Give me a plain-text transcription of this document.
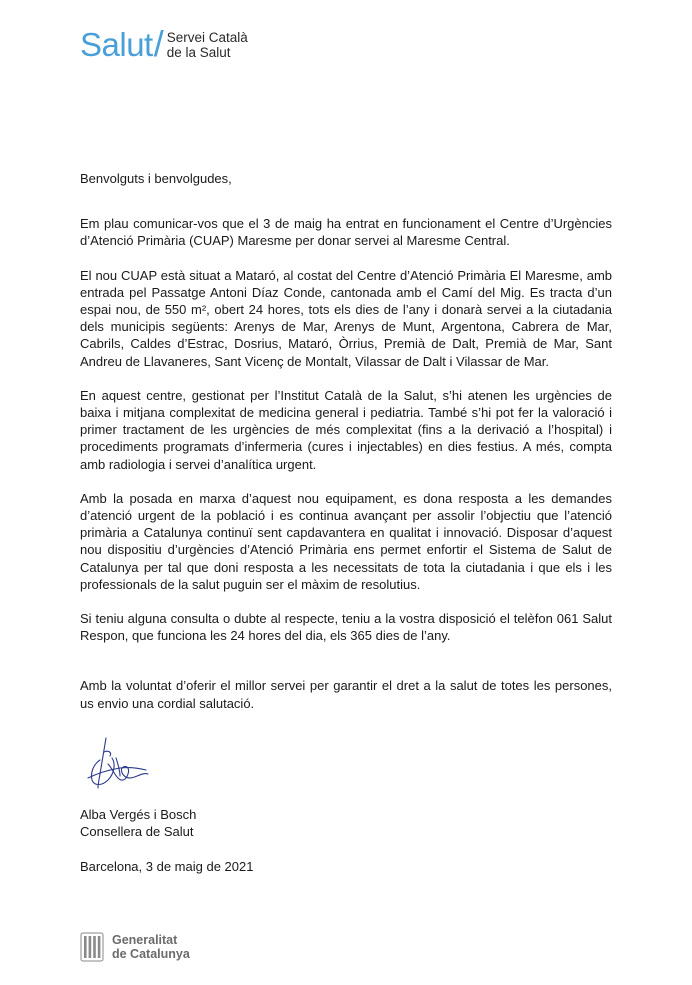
Salut / Servei Català
de la Salut

Benvolguts i benvolgudes,

Em plau comunicar-vos que el 3 de maig ha entrat en funcionament el Centre d’Urgències d’Atenció Primària (CUAP) Maresme per donar servei al Maresme Central.

El nou CUAP està situat a Mataró, al costat del Centre d’Atenció Primària El Maresme, amb entrada pel Passatge Antoni Díaz Conde, cantonada amb el Camí del Mig. Es tracta d’un espai nou, de 550 m², obert 24 hores, tots els dies de l’any i donarà servei a la ciutadania dels municipis següents: Arenys de Mar, Arenys de Munt, Argentona, Cabrera de Mar, Cabrils, Caldes d’Estrac, Dosrius, Mataró, Òrrius, Premià de Dalt, Premià de Mar, Sant Andreu de Llavaneres, Sant Vicenç de Montalt, Vilassar de Dalt i Vilassar de Mar.

En aquest centre, gestionat per l’Institut Català de la Salut, s’hi atenen les urgències de baixa i mitjana complexitat de medicina general i pediatria. També s’hi pot fer la valoració i primer tractament de les urgències de més complexitat (fins a la derivació a l’hospital) i procediments programats d’infermeria (cures i injectables) en dies festius. A més, compta amb radiologia i servei d’analítica urgent.

Amb la posada en marxa d’aquest nou equipament, es dona resposta a les demandes d’atenció urgent de la població i es continua avançant per assolir l’objectiu que l’atenció primària a Catalunya continuï sent capdavantera en qualitat i innovació. Disposar d’aquest nou dispositiu d’urgències d’Atenció Primària ens permet enfortir el Sistema de Salut de Catalunya per tal que doni resposta a les necessitats de tota la ciutadania i que els i les professionals de la salut puguin ser el màxim de resolutius.

Si teniu alguna consulta o dubte al respecte, teniu a la vostra disposició el telèfon 061 Salut Respon, que funciona les 24 hores del dia, els 365 dies de l’any.

Amb la voluntat d’oferir el millor servei per garantir el dret a la salut de totes les persones, us envio una cordial salutació.

Alba Vergés i Bosch
Consellera de Salut
Barcelona, 3 de maig de 2021
Generalitat
de Catalunya
